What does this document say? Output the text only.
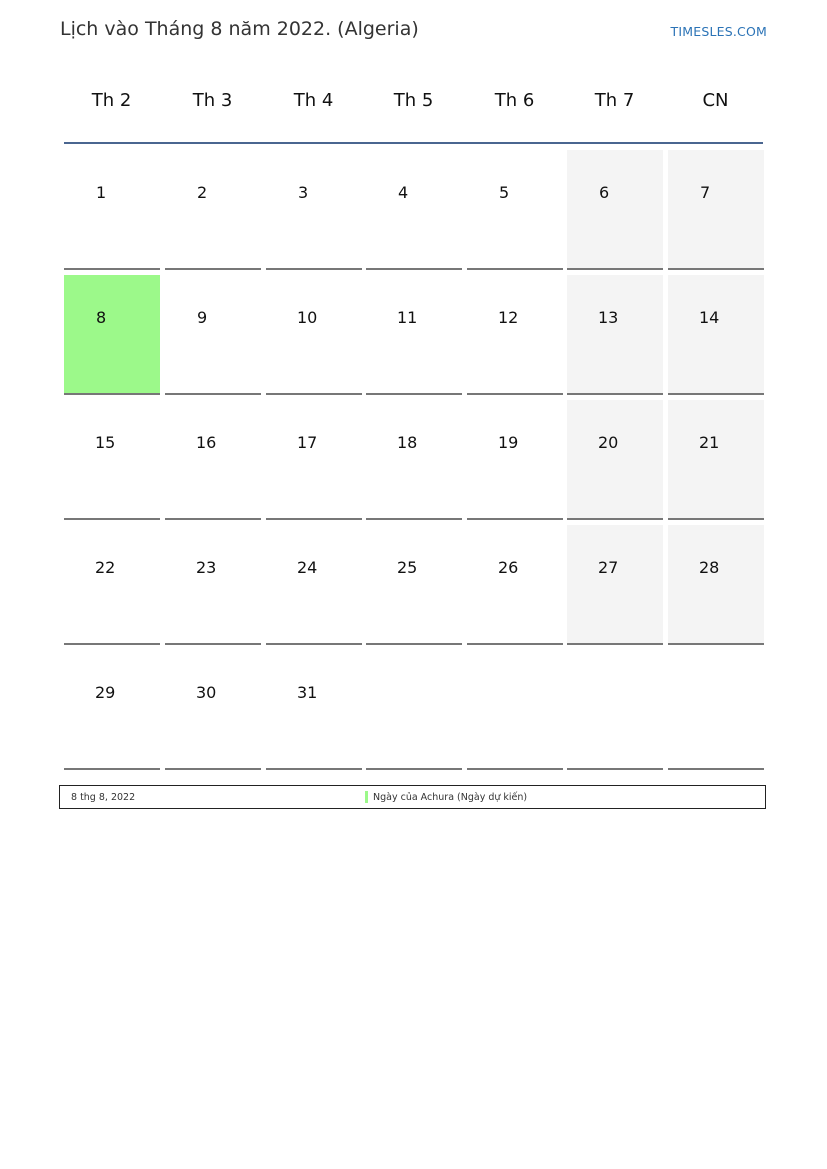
Lịch vào Tháng 8 năm 2022. (Algeria)	TIMESLES.COM
Th 2	Th 3	Th 4	Th 5	Th 6	Th 7	CN
1	2	3	4	5	6	7
8	9	10	11	12	13	14
15	16	17	18	19	20	21
22	23	24	25	26	27	28
29	30	31
8 thg 8, 2022	Ngày của Achura (Ngày dự kiến)
